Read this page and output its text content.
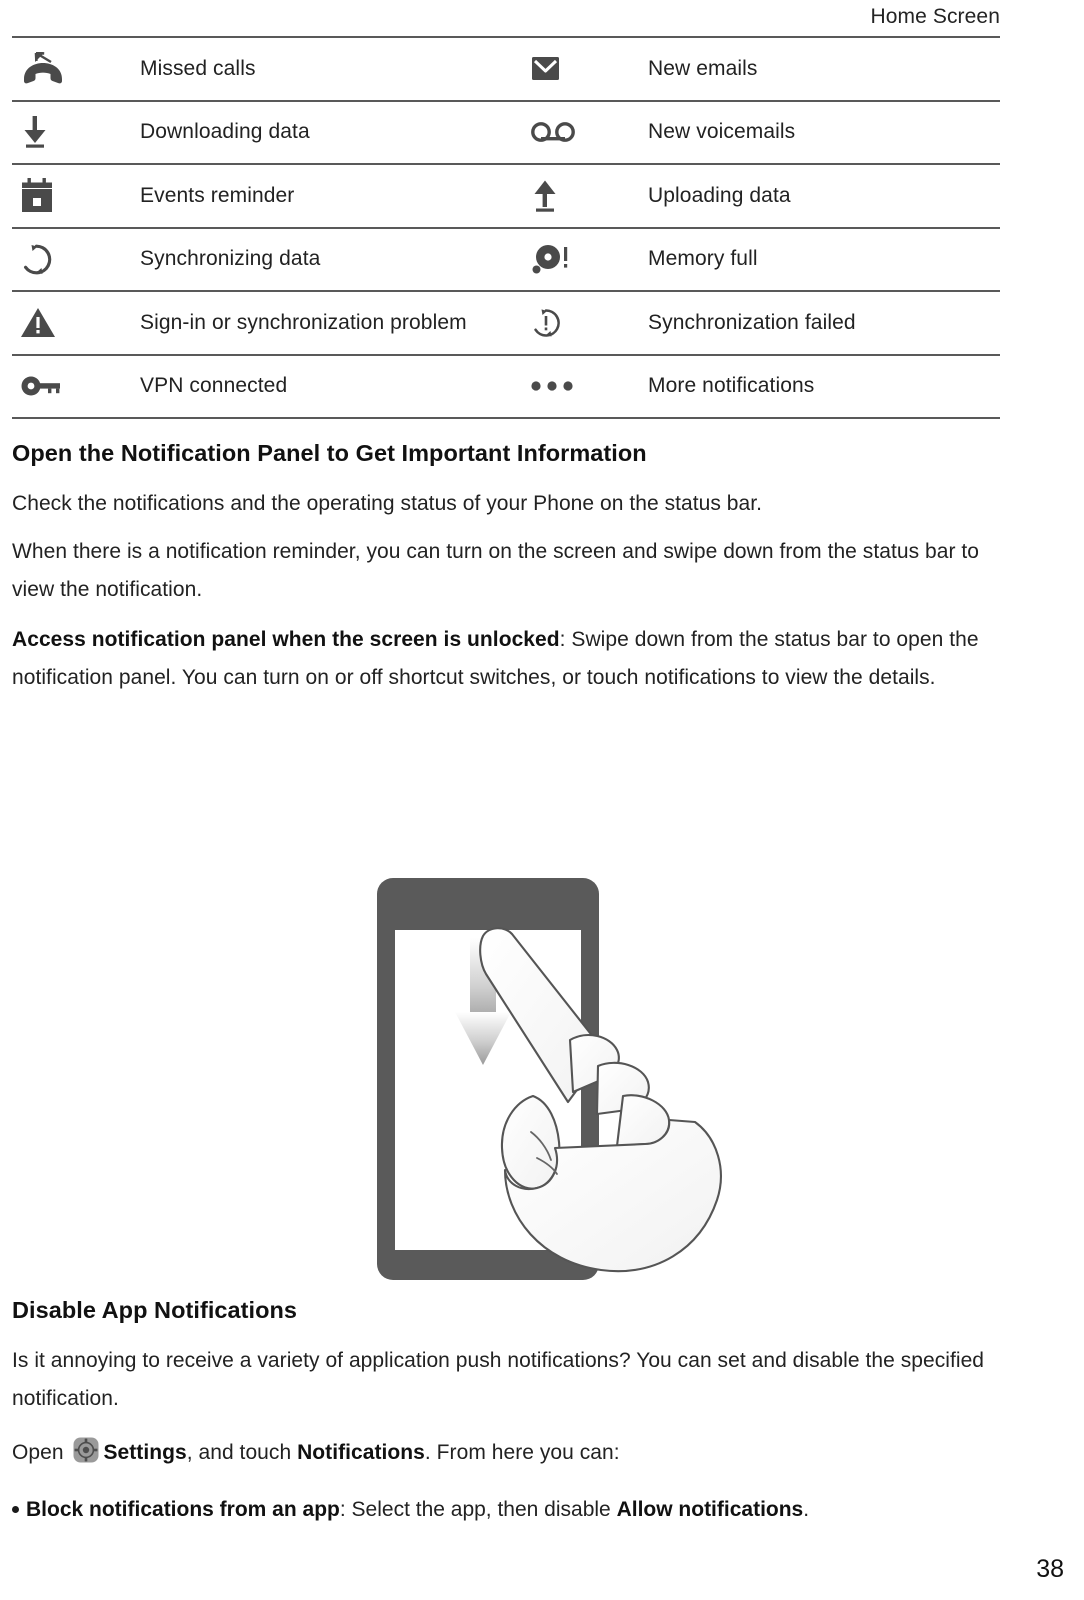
Home Screen
Missed calls	New emails
Downloading data	New voicemails
Events reminder	Uploading data
Synchronizing data	Memory full
Sign-in or synchronization problem	Synchronization failed
VPN connected	More notifications
Open the Notification Panel to Get Important Information

Check the notifications and the operating status of your Phone on the status bar.

When there is a notification reminder, you can turn on the screen and swipe down from the status bar to view the notification.

Access notification panel when the screen is unlocked: Swipe down from the status bar to open the notification panel. You can turn on or off shortcut switches, or touch notifications to view the details.

Disable App Notifications

Is it annoying to receive a variety of application push notifications? You can set and disable the specified notification.

Open Settings, and touch Notifications. From here you can:

Block notifications from an app: Select the app, then disable Allow notifications.

38
